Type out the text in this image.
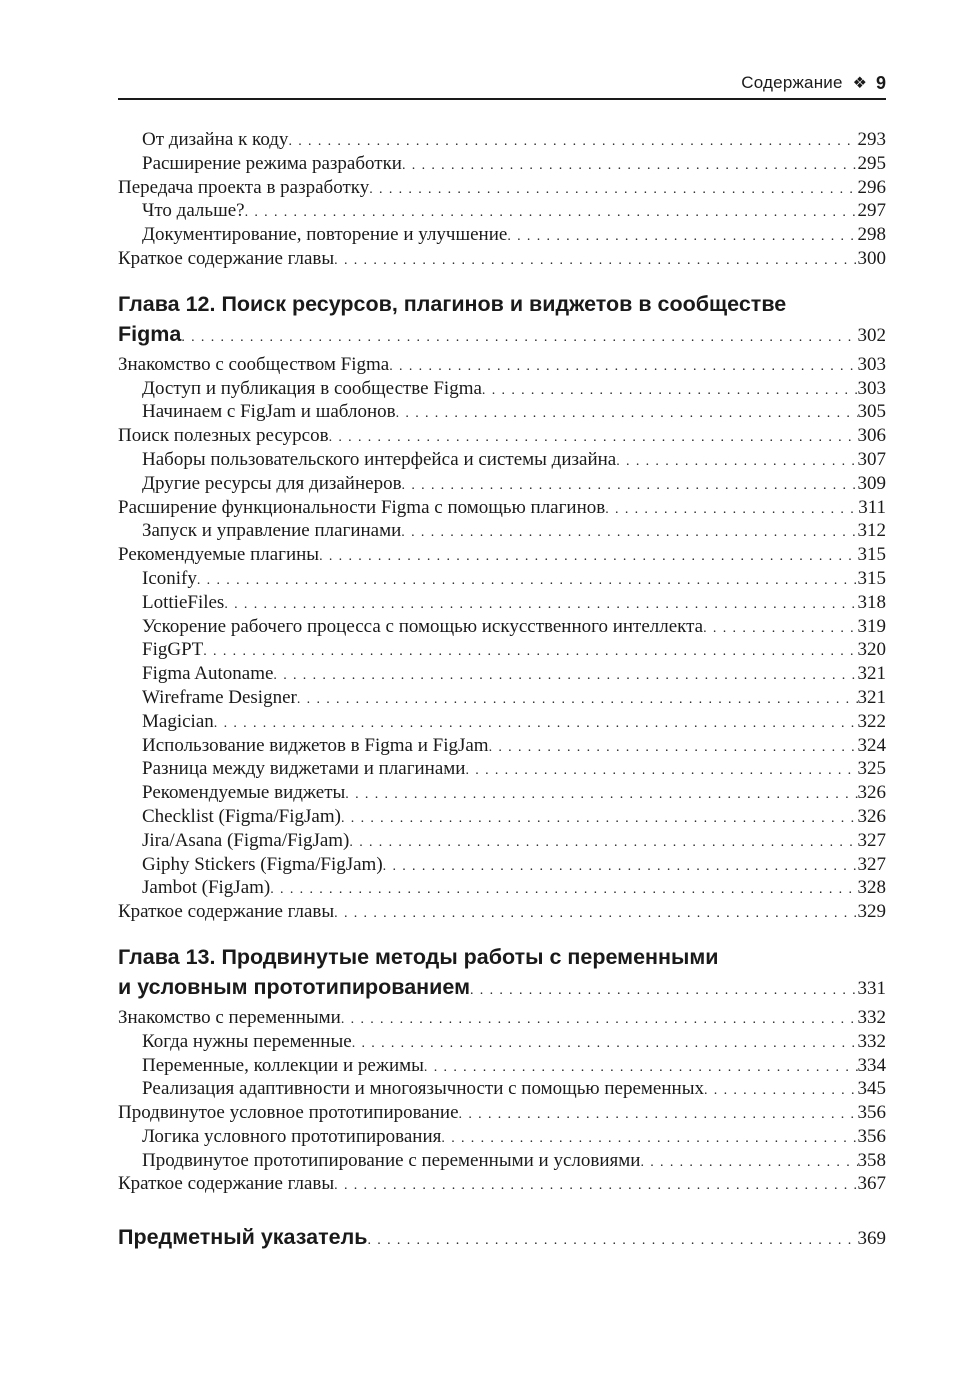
Содержание ❖ 9
От дизайна к коду . . .	293
Расширение режима разработки . . .	295
Передача проекта в разработку . . .	296
Что дальше? . . .	297
Документирование, повторение и улучшение . . .	298
Краткое содержание главы . . .	300
Глава 12. Поиск ресурсов, плагинов и виджетов в сообществе
Figma . . .	302
Знакомство с сообществом Figma . . .	303
Доступ и публикация в сообществе Figma . . .	303
Начинаем с FigJam и шаблонов . . .	305
Поиск полезных ресурсов . . .	306
Наборы пользовательского интерфейса и системы дизайна . . .	307
Другие ресурсы для дизайнеров . . .	309
Расширение функциональности Figma с помощью плагинов . . .	311
Запуск и управление плагинами . . .	312
Рекомендуемые плагины . . .	315
Iconify . . .	315
LottieFiles . . .	318
Ускорение рабочего процесса с помощью искусственного интеллекта . . .	319
FigGPT . . .	320
Figma Autoname . . .	321
Wireframe Designer . . .	321
Magician . . .	322
Использование виджетов в Figma и FigJam . . .	324
Разница между виджетами и плагинами . . .	325
Рекомендуемые виджеты . . .	326
Checklist (Figma/FigJam) . . .	326
Jira/Asana (Figma/FigJam) . . .	327
Giphy Stickers (Figma/FigJam) . . .	327
Jambot (FigJam) . . .	328
Краткое содержание главы . . .	329
Глава 13. Продвинутые методы работы с переменными
и условным прототипированием . . .	331
Знакомство с переменными . . .	332
Когда нужны переменные . . .	332
Переменные, коллекции и режимы . . .	334
Реализация адаптивности и многоязычности с помощью переменных . . .	345
Продвинутое условное прототипирование . . .	356
Логика условного прототипирования . . .	356
Продвинутое прототипирование с переменными и условиями . . .	358
Краткое содержание главы . . .	367
Предметный указатель . . .	369
